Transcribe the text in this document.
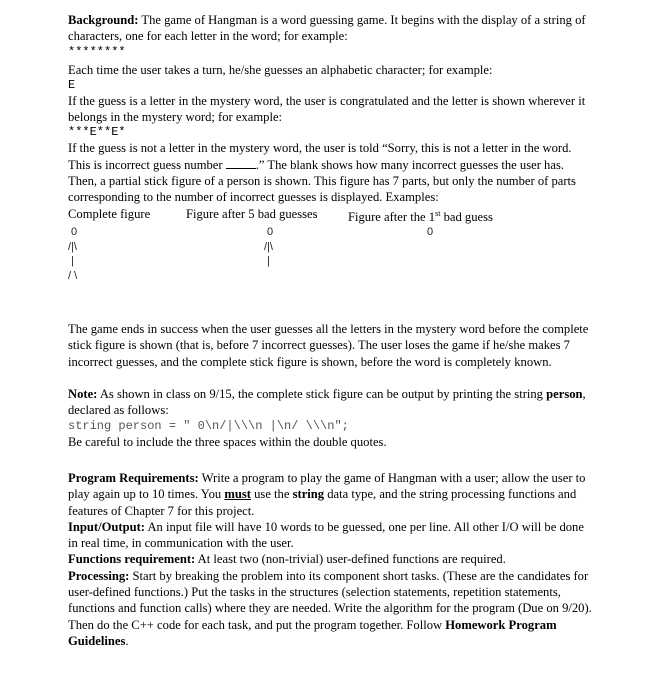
Background: The game of Hangman is a word guessing game. It begins with the display of a string of characters, one for each letter in the word; for example:

********

Each time the user takes a turn, he/she guesses an alphabetic character; for example:

E

If the guess is a letter in the mystery word, the user is congratulated and the letter is shown wherever it belongs in the mystery word; for example:

***E**E*

If the guess is not a letter in the mystery word, the user is told “Sorry, this is not a letter in the word. This is incorrect guess number .” The blank shows how many incorrect guesses the user has. Then, a partial stick figure of a person is shown. This figure has 7 parts, but only the number of parts corresponding to the number of incorrect guesses is displayed. Examples:

Complete figure	Figure after 5 bad guesses	Figure after the 1st bad guess
0
/|\
|
/ \
0
/|\
|
0

The game ends in success when the user guesses all the letters in the mystery word before the complete stick figure is shown (that is, before 7 incorrect guesses). The user loses the game if he/she makes 7 incorrect guesses, and the complete stick figure is shown, before the word is completely known.

Note: As shown in class on 9/15, the complete stick figure can be output by printing the string person, declared as follows:

string person = " 0\n/|\\\n |\n/ \\\n";

Be careful to include the three spaces within the double quotes.

Program Requirements: Write a program to play the game of Hangman with a user; allow the user to play again up to 10 times. You must use the string data type, and the string processing functions and features of Chapter 7 for this project.

Input/Output: An input file will have 10 words to be guessed, one per line. All other I/O will be done in real time, in communication with the user.

Functions requirement: At least two (non-trivial) user-defined functions are required.

Processing: Start by breaking the problem into its component short tasks. (These are the candidates for user-defined functions.) Put the tasks in the structures (selection statements, repetition statements, functions and function calls) where they are needed. Write the algorithm for the program (Due on 9/20). Then do the C++ code for each task, and put the program together. Follow Homework Program Guidelines.
